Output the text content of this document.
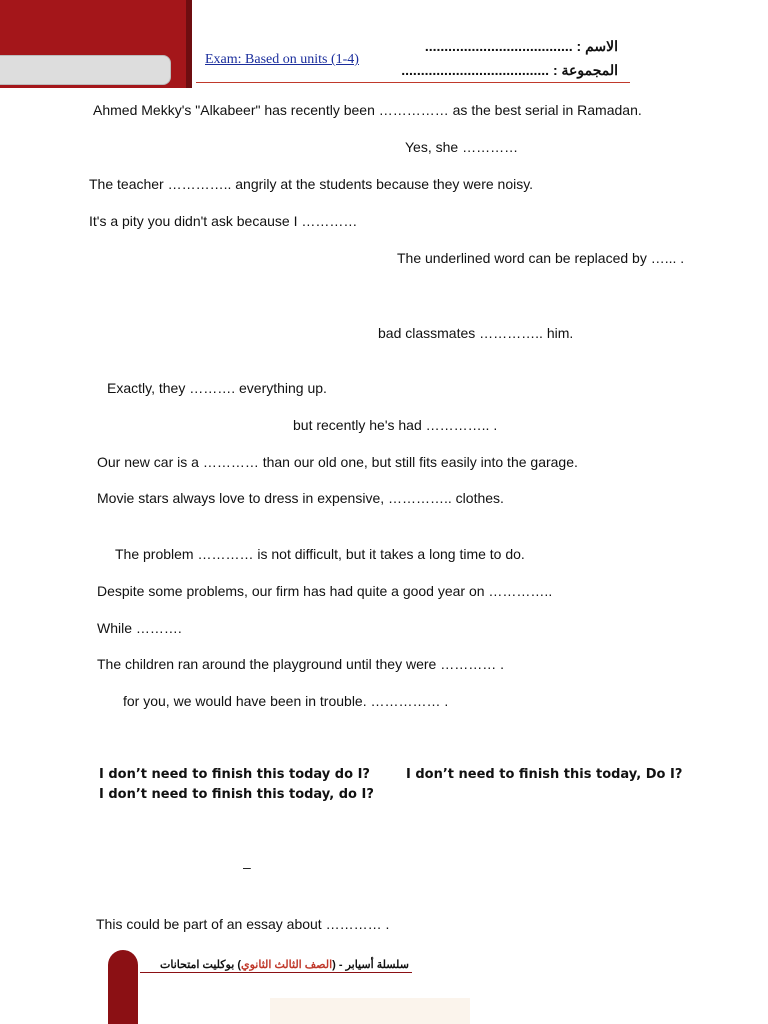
Exam: Based on units (1-4)
الاسم : ......................................
المجموعة : ......................................
Ahmed Mekky's "Alkabeer" has recently been …………… as the best serial in Ramadan.
Yes, she …………
The teacher ………….. angrily at the students because they were noisy.
It's a pity you didn't ask because I …………
The underlined word can be replaced by …... .
bad classmates ………….. him.
Exactly, they ………. everything up.
but recently he's had ………….. .
Our new car is a ………… than our old one, but still fits easily into the garage.
Movie stars always love to dress in expensive, ………….. clothes.
The problem ………… is not difficult, but it takes a long time to do.
Despite some problems, our firm has had quite a good year on …………..
While ……….
The children ran around the playground until they were ………… .
for you, we would have been in trouble. …………… .
I don’t need to finish this today do I?	I don’t need to finish this today, Do I?
I don’t need to finish this today, do I?
–
This could be part of an essay about ………… .
سلسلة أسيابر - (الصف الثالث الثانوي) بوكليت امتحانات
